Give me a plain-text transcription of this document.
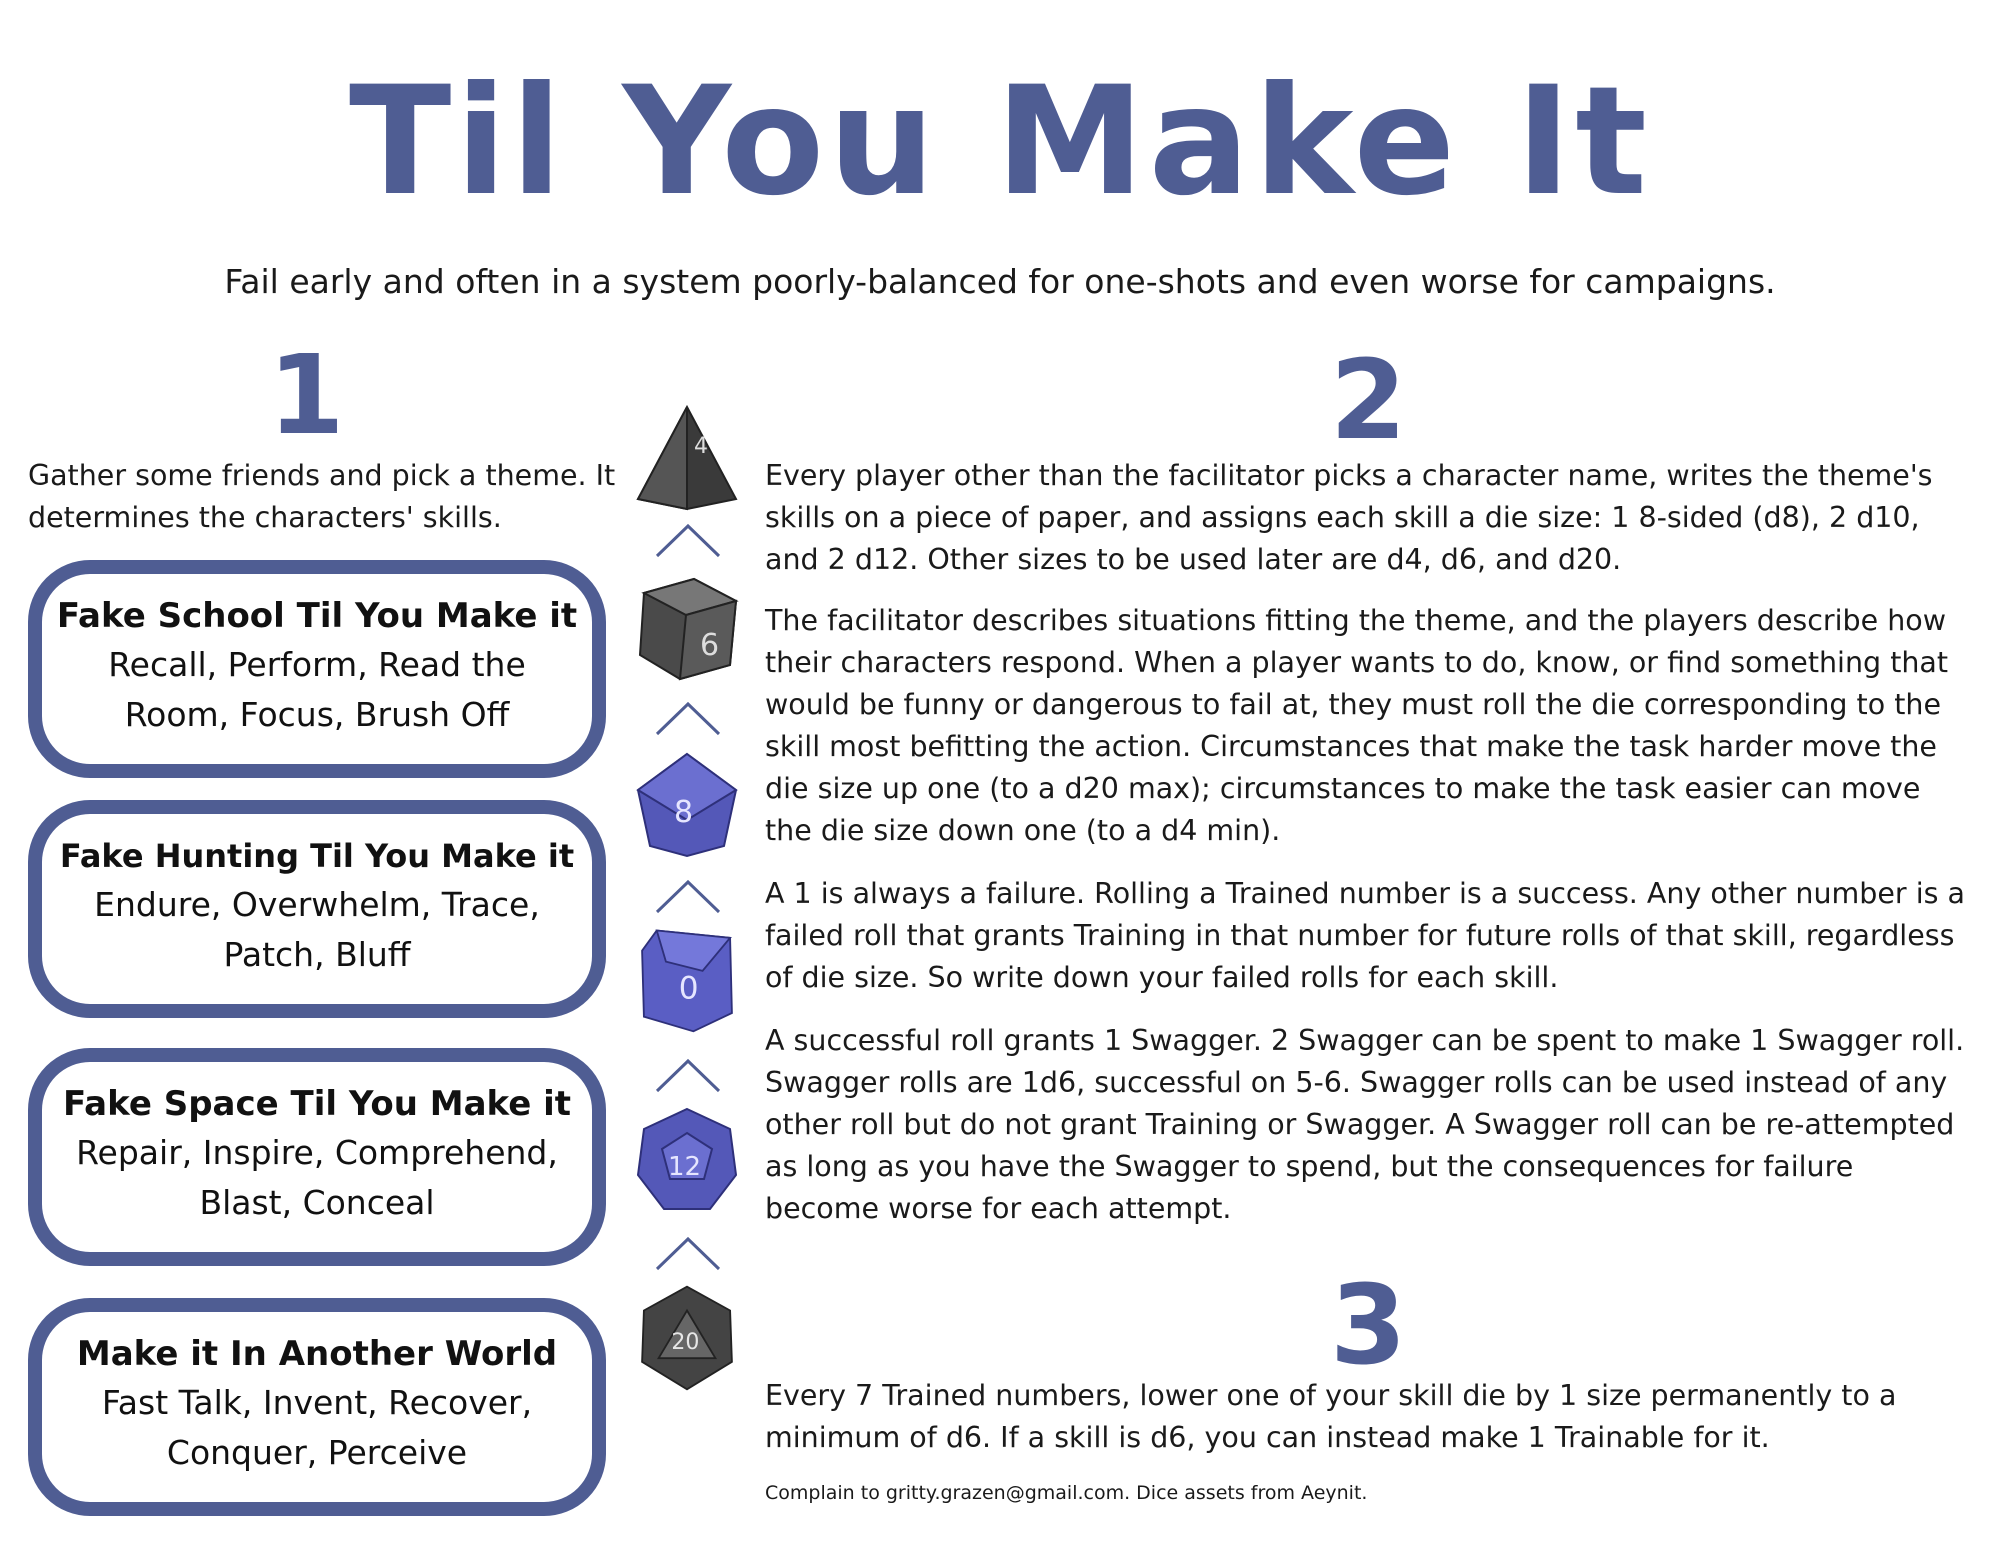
Til You Make It
Fail early and often in a system poorly-balanced for one-shots and even worse for campaigns.
1
Gather some friends and pick a theme. It determines the characters' skills.
Fake School Til You Make it
Recall, Perform, Read the Room, Focus, Brush Off
Fake Hunting Til You Make it
Endure, Overwhelm, Trace, Patch, Bluff
Fake Space Til You Make it
Repair, Inspire, Comprehend, Blast, Conceal
Make it In Another World
Fast Talk, Invent, Recover, Conquer, Perceive
4
6
8
0
12
20
2
Every player other than the facilitator picks a character name, writes the theme's skills on a piece of paper, and assigns each skill a die size: 1 8-sided (d8), 2 d10, and 2 d12. Other sizes to be used later are d4, d6, and d20.
The facilitator describes situations fitting the theme, and the players describe how their characters respond. When a player wants to do, know, or find something that would be funny or dangerous to fail at, they must roll the die corresponding to the skill most befitting the action. Circumstances that make the task harder move the die size up one (to a d20 max); circumstances to make the task easier can move the die size down one (to a d4 min).
A 1 is always a failure. Rolling a Trained number is a success. Any other number is a failed roll that grants Training in that number for future rolls of that skill, regardless of die size. So write down your failed rolls for each skill.
A successful roll grants 1 Swagger. 2 Swagger can be spent to make 1 Swagger roll. Swagger rolls are 1d6, successful on 5-6. Swagger rolls can be used instead of any other roll but do not grant Training or Swagger. A Swagger roll can be re-attempted as long as you have the Swagger to spend, but the consequences for failure become worse for each attempt.
3
Every 7 Trained numbers, lower one of your skill die by 1 size permanently to a minimum of d6. If a skill is d6, you can instead make 1 Trainable for it.
Complain to gritty.grazen@gmail.com. Dice assets from Aeynit.
